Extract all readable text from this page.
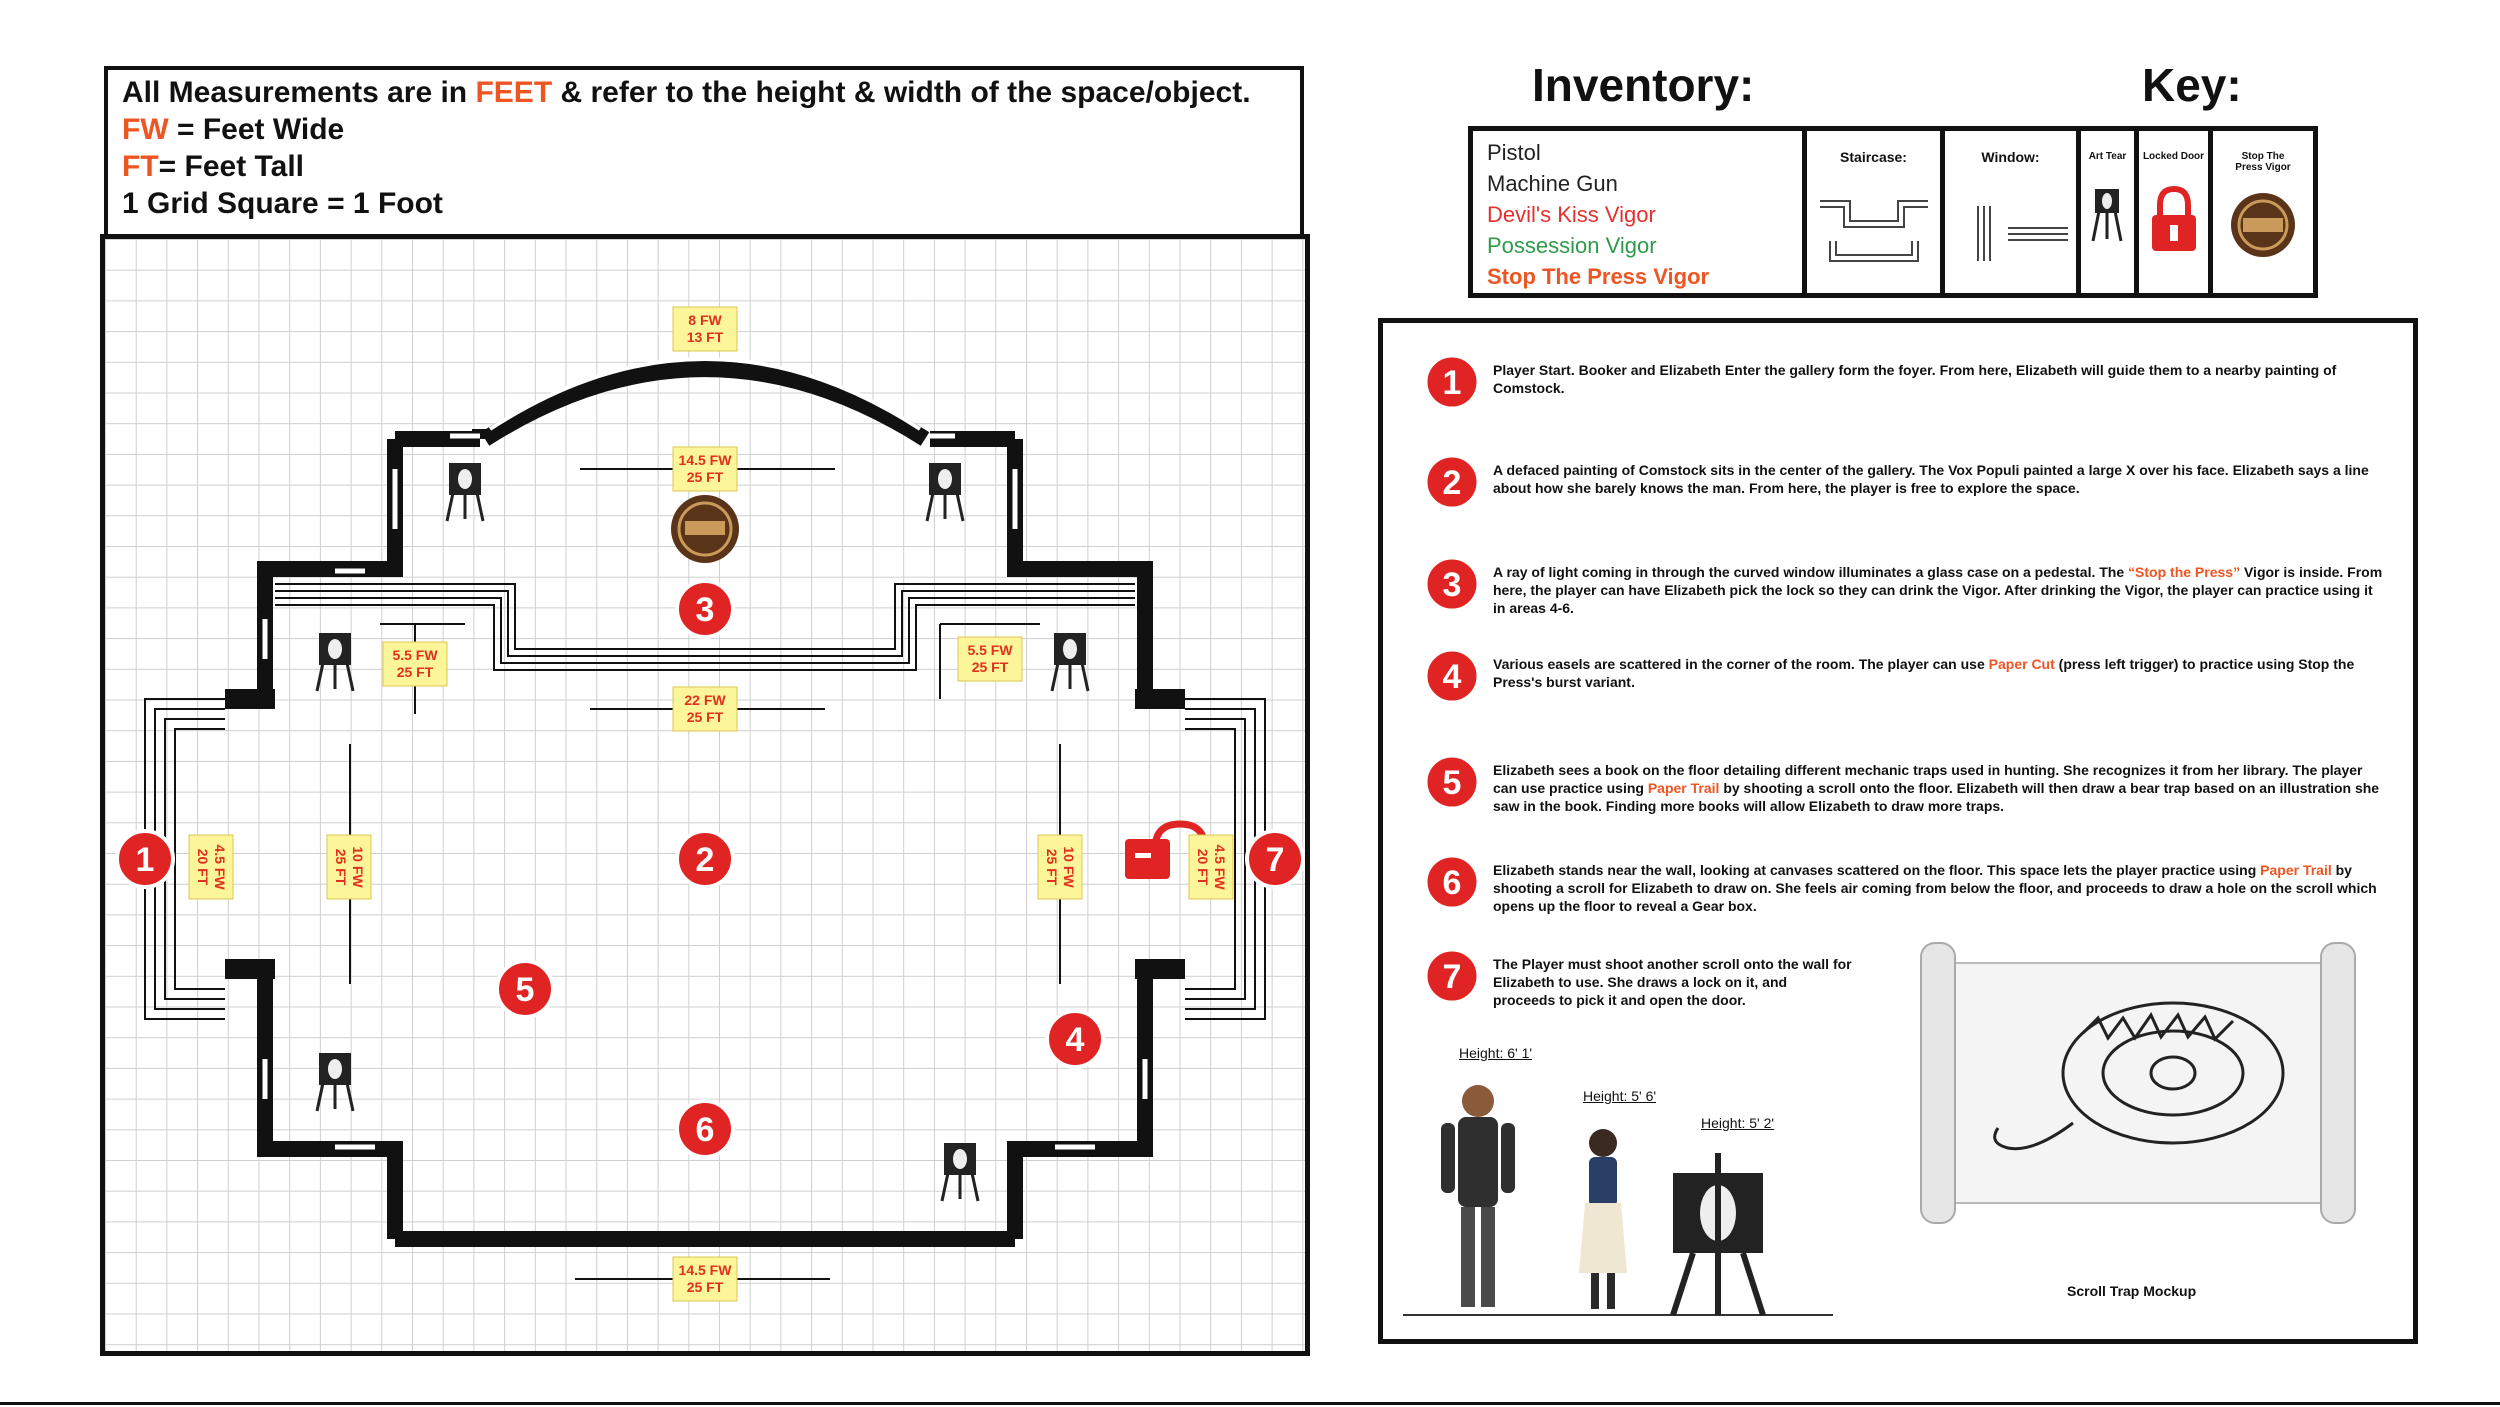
All Measurements are in FEET & refer to the height & width of the space/object.
FW = Feet Wide
FT= Feet Tall
1 Grid Square = 1 Foot
8 FW
13 FT
14.5 FW
25 FT
5.5 FW
25 FT
5.5 FW
25 FT
22 FW
25 FT
4.5 FW
20 FT	10 FW
25 FT	10 FW
25 FT	4.5 FW
20 FT
14.5 FW
25 FT
1	2
3
4
5
6
7
Inventory:	Key:
Pistol
Machine Gun
Devil's Kiss Vigor
Possession Vigor
Stop The Press Vigor
Staircase:	Window:	Art Tear	Locked Door	Stop The Press Vigor
1 Player Start. Booker and Elizabeth Enter the gallery form the foyer. From here, Elizabeth will guide them to a nearby painting of Comstock.
2 A defaced painting of Comstock sits in the center of the gallery. The Vox Populi painted a large X over his face. Elizabeth says a line about how she barely knows the man. From here, the player is free to explore the space.
3 A ray of light coming in through the curved window illuminates a glass case on a pedestal. The “Stop the Press” Vigor is inside. From here, the player can have Elizabeth pick the lock so they can drink the Vigor. After drinking the Vigor, the player can practice using it in areas 4-6.
4 Various easels are scattered in the corner of the room. The player can use Paper Cut (press left trigger) to practice using Stop the Press's burst variant.
5 Elizabeth sees a book on the floor detailing different mechanic traps used in hunting. She recognizes it from her library. The player can use practice using Paper Trail by shooting a scroll onto the floor. Elizabeth will then draw a bear trap based on an illustration she saw in the book. Finding more books will allow Elizabeth to draw more traps.
6 Elizabeth stands near the wall, looking at canvases scattered on the floor. This space lets the player practice using Paper Trail by shooting a scroll for Elizabeth to draw on. She feels air coming from below the floor, and proceeds to draw a hole on the scroll which opens up the floor to reveal a Gear box.
7 The Player must shoot another scroll onto the wall for Elizabeth to use. She draws a lock on it, and proceeds to pick it and open the door.
Height: 6' 1'
Height: 5' 6'
Height: 5' 2'
Scroll Trap Mockup
